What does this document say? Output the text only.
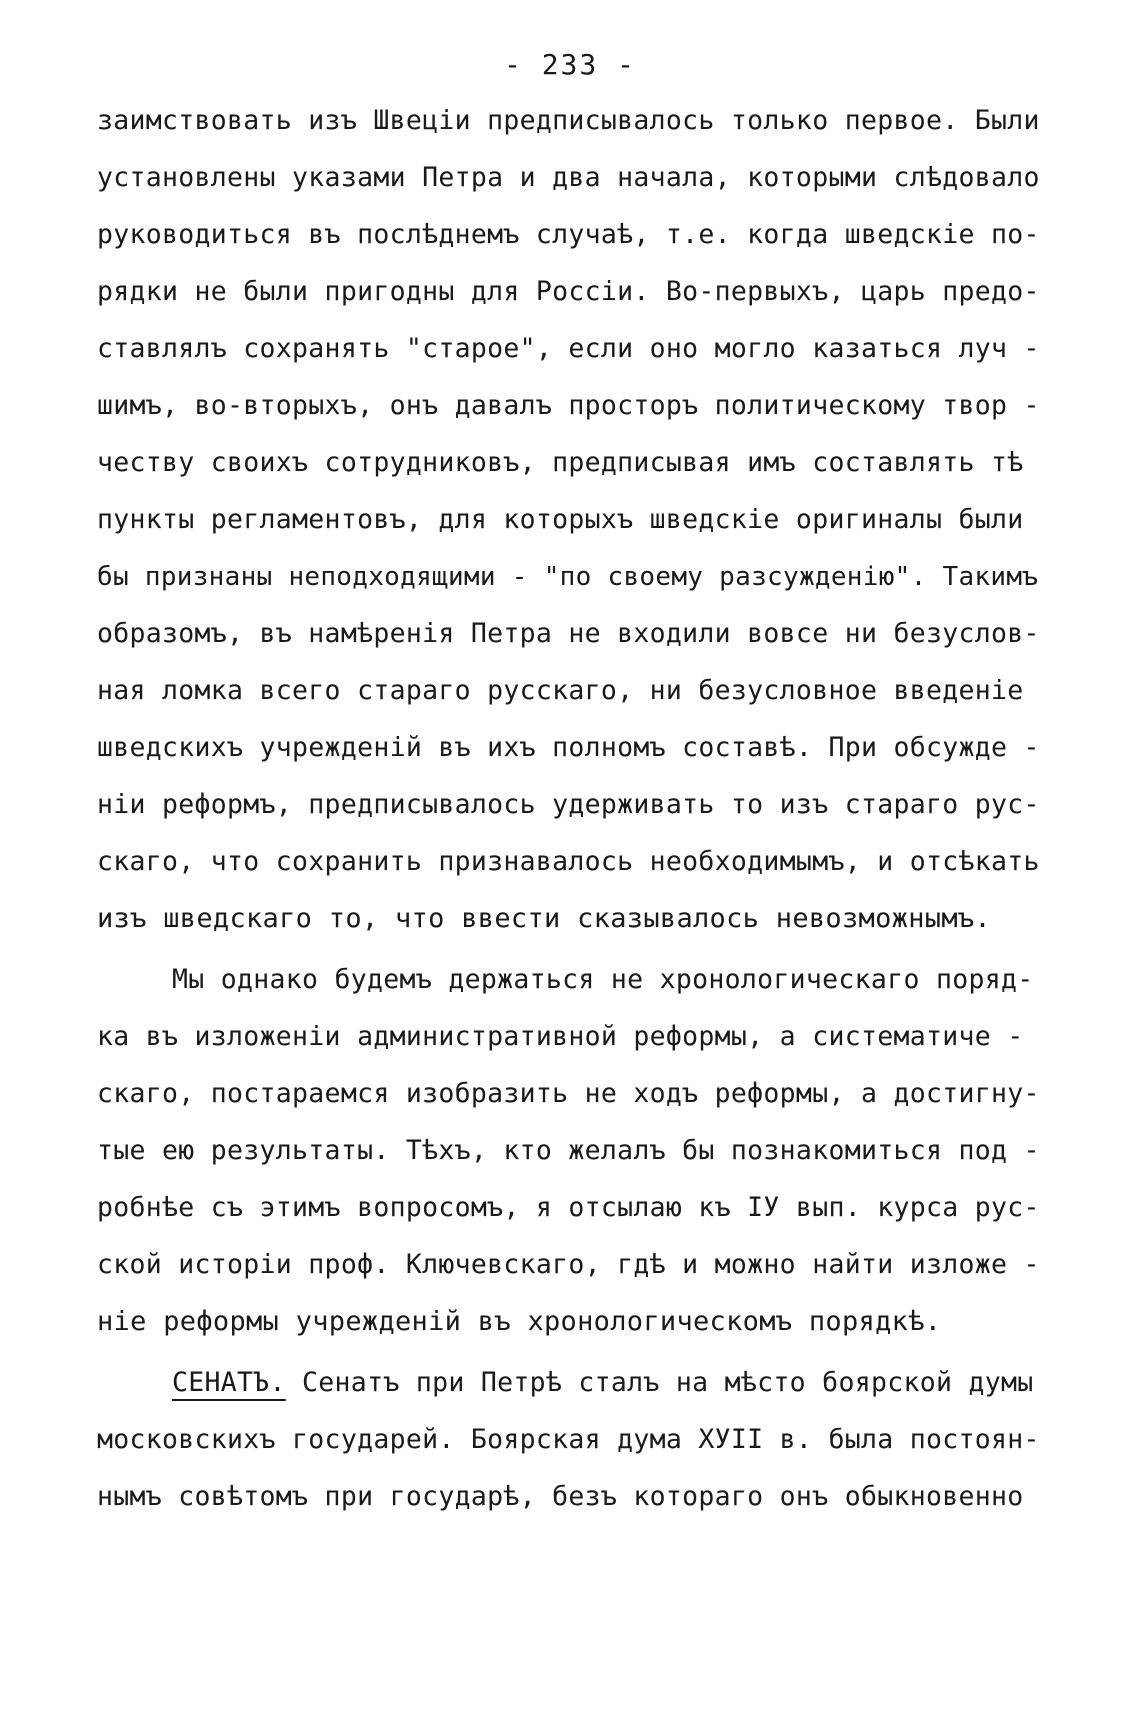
- 233 -
заимствовать изъ Швеціи предписывалось только первое. Были
установлены указами Петра и два начала, которыми слѣдовало
руководиться въ послѣднемъ случаѣ, т.е. когда шведскіе по-
рядки не были пригодны для Россіи. Во-первыхъ, царь предо-
ставлялъ сохранять "старое", если оно могло казаться луч -
шимъ, во-вторыхъ, онъ давалъ просторъ политическому твор -
честву своихъ сотрудниковъ, предписывая имъ составлять тѣ
пункты регламентовъ, для которыхъ шведскіе оригиналы были
бы признаны неподходящими - "по своему разсужденію". Такимъ
образомъ, въ намѣренія Петра не входили вовсе ни безуслов-
ная ломка всего стараго русскаго, ни безусловное введеніе
шведскихъ учрежденій въ ихъ полномъ составѣ. При обсужде -
ніи реформъ, предписывалось удерживать то изъ стараго рус-
скаго, что сохранить признавалось необходимымъ, и отсѣкать
изъ шведскаго то, что ввести сказывалось невозможнымъ.
Мы однако будемъ держаться не хронологическаго поряд-
ка въ изложеніи административной реформы, а систематиче -
скаго, постараемся изобразить не ходъ реформы, а достигну-
тые ею результаты. Тѣхъ, кто желалъ бы познакомиться под -
робнѣе съ этимъ вопросомъ, я отсылаю къ IУ вып. курса рус-
ской исторіи проф. Ключевскаго, гдѣ и можно найти изложе -
ніе реформы учрежденій въ хронологическомъ порядкѣ.
СЕНАТЪ. Сенатъ при Петрѣ сталъ на мѣсто боярской думы
московскихъ государей. Боярская дума ХУII в. была постоян-
нымъ совѣтомъ при государѣ, безъ котораго онъ обыкновенно
